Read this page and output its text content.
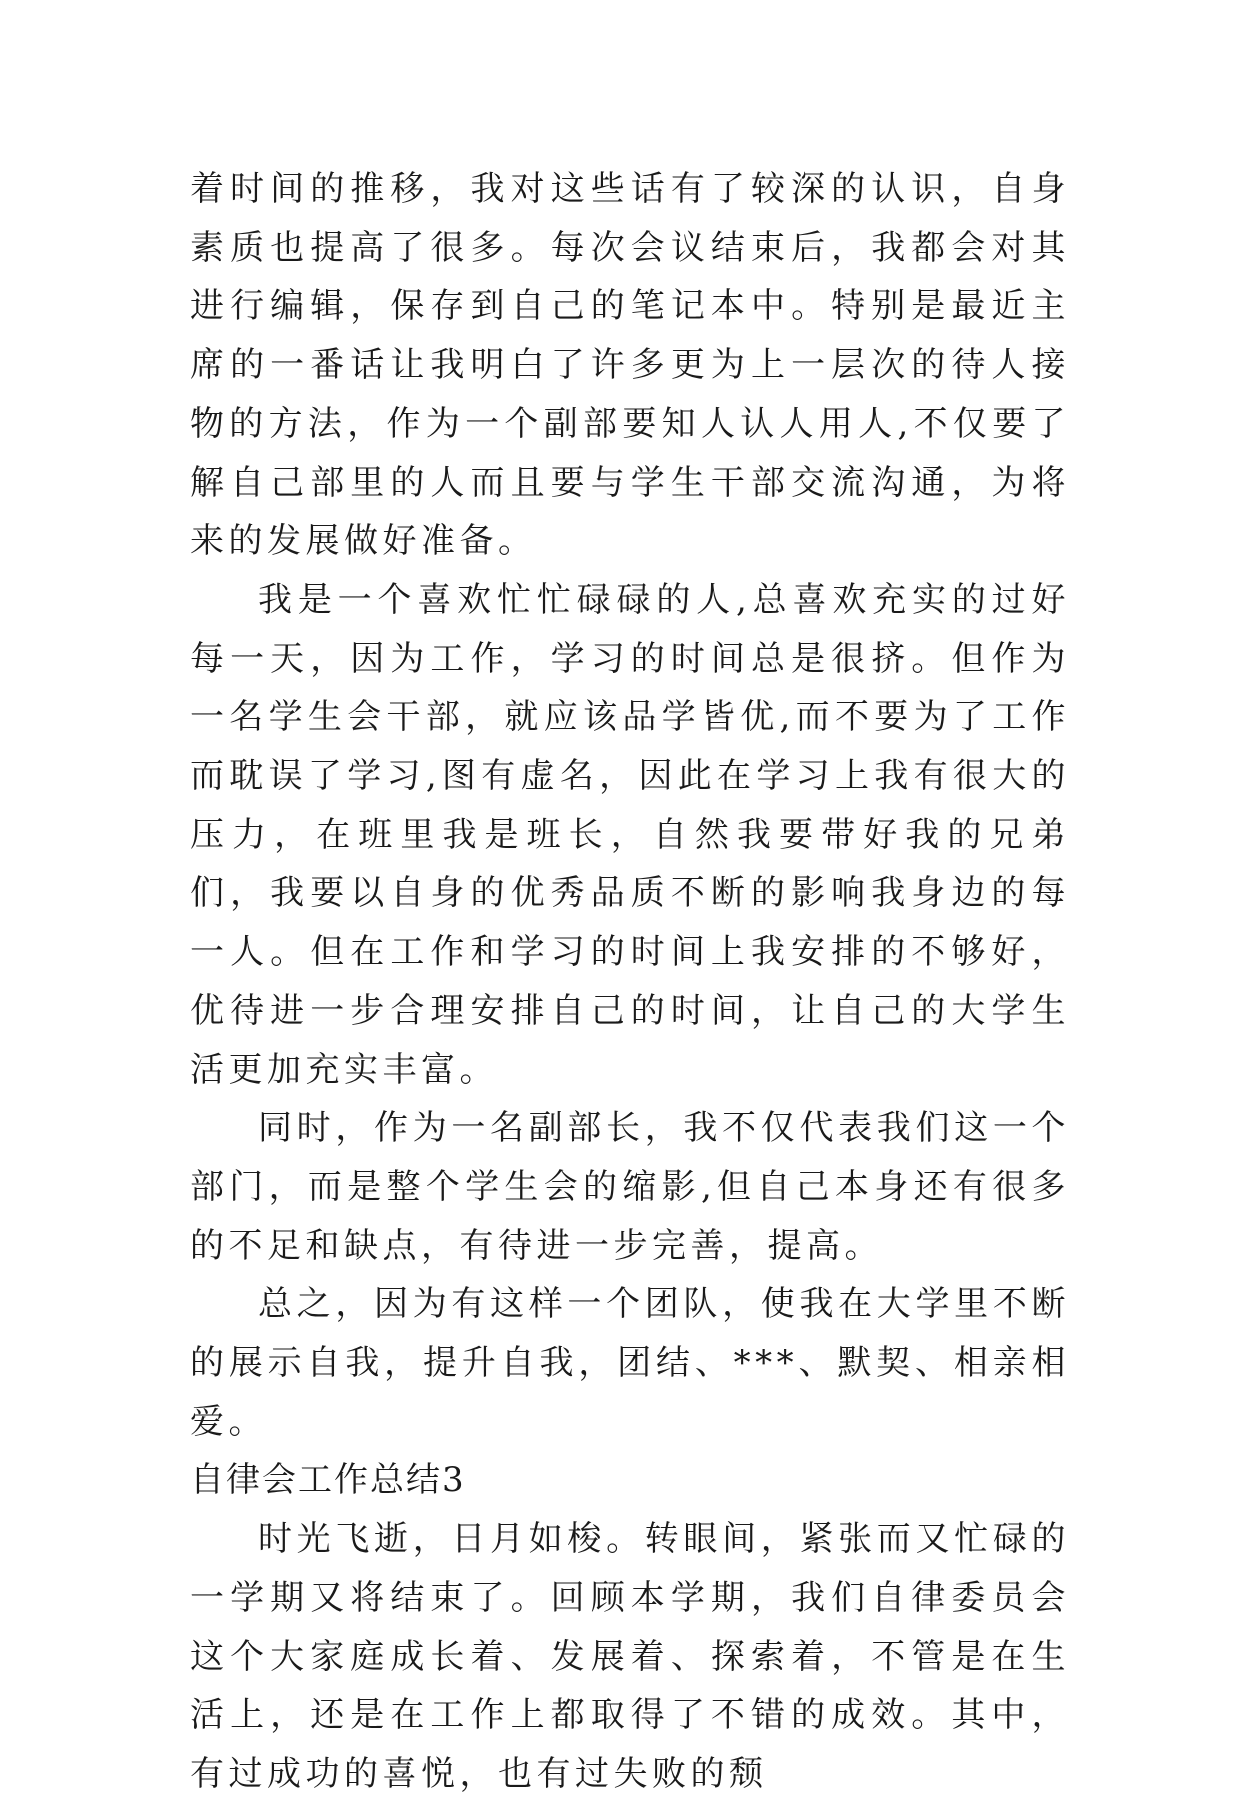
着时间的推移，我对这些话有了较深的认识，自身素质也提高了很多。每次会议结束后，我都会对其进行编辑，保存到自己的笔记本中。特别是最近主席的一番话让我明白了许多更为上一层次的待人接物的方法，作为一个副部要知人认人用人,不仅要了解自己部里的人而且要与学生干部交流沟通，为将来的发展做好准备。

我是一个喜欢忙忙碌碌的人,总喜欢充实的过好每一天，因为工作，学习的时间总是很挤。但作为一名学生会干部，就应该品学皆优,而不要为了工作而耽误了学习,图有虚名，因此在学习上我有很大的压力，在班里我是班长，自然我要带好我的兄弟们，我要以自身的优秀品质不断的影响我身边的每一人。但在工作和学习的时间上我安排的不够好，优待进一步合理安排自己的时间，让自己的大学生活更加充实丰富。

同时，作为一名副部长，我不仅代表我们这一个部门，而是整个学生会的缩影,但自己本身还有很多的不足和缺点，有待进一步完善，提高。

总之，因为有这样一个团队，使我在大学里不断的展示自我，提升自我，团结、***、默契、相亲相爱。

自律会工作总结3

时光飞逝，日月如梭。转眼间，紧张而又忙碌的一学期又将结束了。回顾本学期，我们自律委员会这个大家庭成长着、发展着、探索着，不管是在生活上，还是在工作上都取得了不错的成效。其中，有过成功的喜悦，也有过失败的颓
